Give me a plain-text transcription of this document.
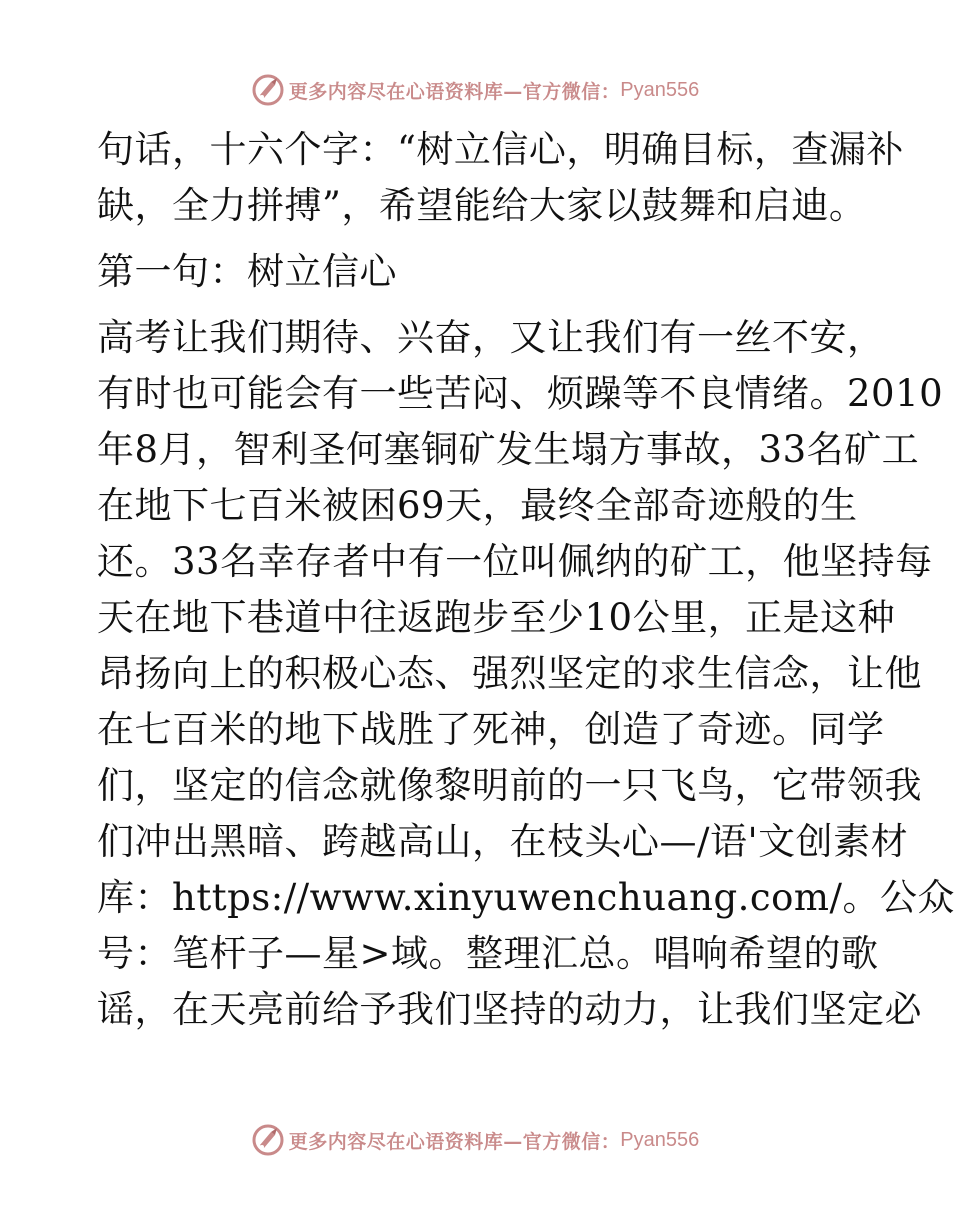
更多内容尽在心语资料库—官方微信： Pyan556
句话，十六个字：“树立信心，明确目标，查漏补
缺，全力拼搏”，希望能给大家以鼓舞和启迪。
第一句：树立信心
高考让我们期待、兴奋，又让我们有一丝不安，
有时也可能会有一些苦闷、烦躁等不良情绪。2010
年8月，智利圣何塞铜矿发生塌方事故，33名矿工
在地下七百米被困69天，最终全部奇迹般的生
还。33名幸存者中有一位叫佩纳的矿工，他坚持每
天在地下巷道中往返跑步至少10公里，正是这种
昂扬向上的积极心态、强烈坚定的求生信念，让他
在七百米的地下战胜了死神，创造了奇迹。同学
们，坚定的信念就像黎明前的一只飞鸟，它带领我
们冲出黑暗、跨越高山，在枝头心—/语'文创素材
库：https://www.xinyuwenchuang.com/。公众
号：笔杆子—星>域。整理汇总。唱响希望的歌
谣，在天亮前给予我们坚持的动力，让我们坚定必
更多内容尽在心语资料库—官方微信： Pyan556
